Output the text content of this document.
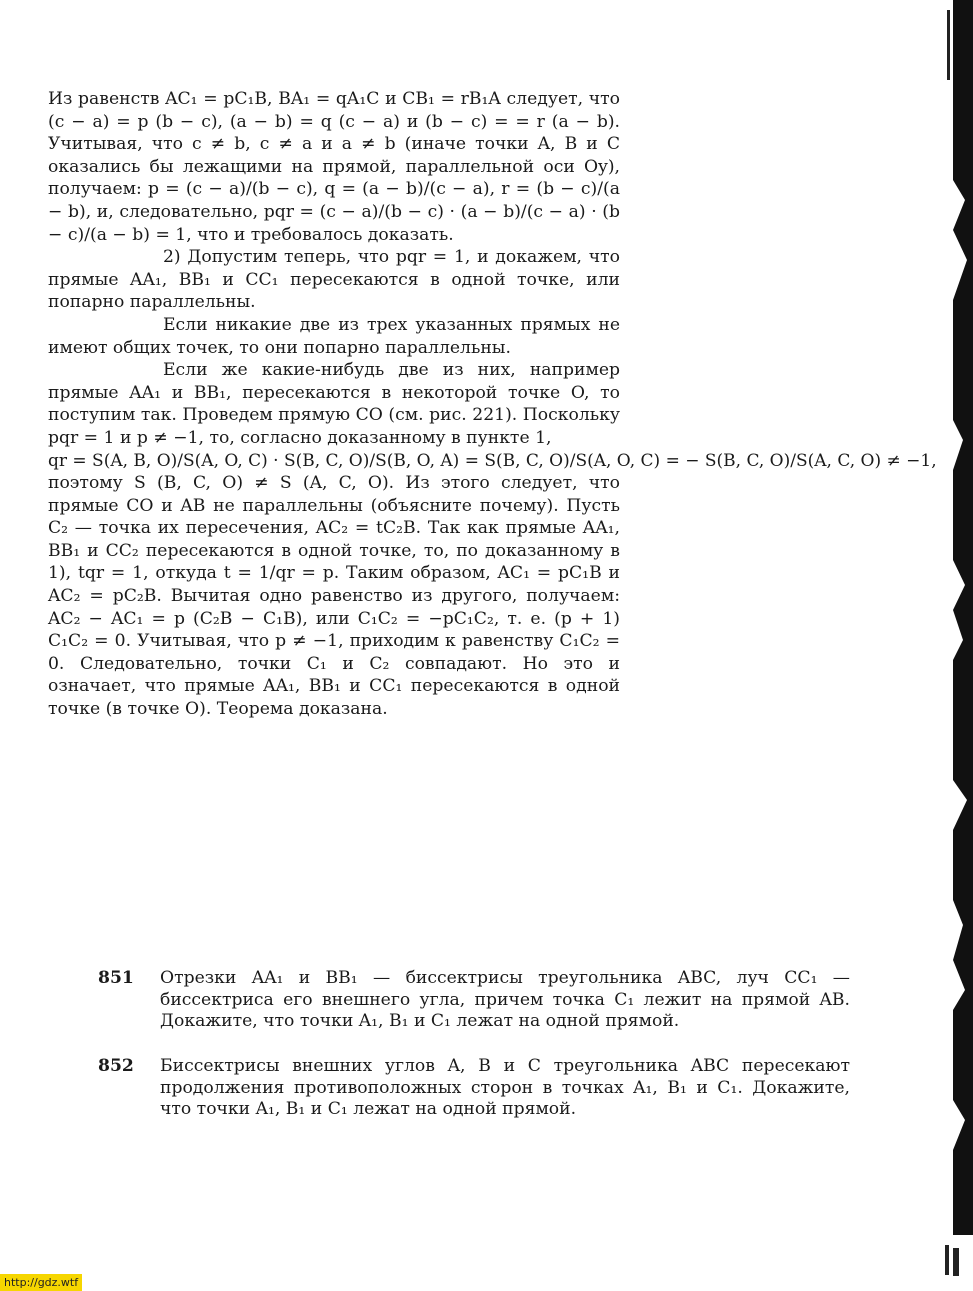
Из равенств AC₁ = pC₁B, BA₁ = qA₁C и CB₁ = rB₁A следует, что (c − a) = p (b − c), (a − b) = q (c − a) и (b − c) = = r (a − b). Учитывая, что c ≠ b, c ≠ a и a ≠ b (иначе точки A, B и C оказались бы лежащими на прямой, параллельной оси Oy), получаем: p = (c − a)/(b − c), q = (a − b)/(c − a), r = (b − c)/(a − b), и, следовательно, pqr = (c − a)/(b − c) · (a − b)/(c − a) · (b − c)/(a − b) = 1, что и требовалось доказать.

2) Допустим теперь, что pqr = 1, и докажем, что прямые AA₁, BB₁ и CC₁ пересекаются в одной точке, или попарно параллельны.

Если никакие две из трех указанных прямых не имеют общих точек, то они попарно параллельны.

Если же какие-нибудь две из них, например прямые AA₁ и BB₁, пересекаются в некоторой точке O, то поступим так. Проведем прямую CO (см. рис. 221). Поскольку pqr = 1 и p ≠ −1, то, согласно доказанному в пункте 1,

qr = S(A, B, O)/S(A, O, C) · S(B, C, O)/S(B, O, A) = S(B, C, O)/S(A, O, C) = − S(B, C, O)/S(A, C, O) ≠ −1,

поэтому S (B, C, O) ≠ S (A, C, O). Из этого следует, что прямые CO и AB не параллельны (объясните почему). Пусть C₂ — точка их пересечения, AC₂ = tC₂B. Так как прямые AA₁, BB₁ и CC₂ пересекаются в одной точке, то, по доказанному в 1), tqr = 1, откуда t = 1/qr = p. Таким образом, AC₁ = pC₁B и AC₂ = pC₂B. Вычитая одно равенство из другого, получаем: AC₂ − AC₁ = p (C₂B − C₁B), или C₁C₂ = −pC₁C₂, т. е. (p + 1) C₁C₂ = 0. Учитывая, что p ≠ −1, приходим к равенству C₁C₂ = 0. Следовательно, точки C₁ и C₂ совпадают. Но это и означает, что прямые AA₁, BB₁ и CC₁ пересекаются в одной точке (в точке O). Теорема доказана.

851 Отрезки AA₁ и BB₁ — биссектрисы треугольника ABC, луч CC₁ — биссектриса его внешнего угла, причем точка C₁ лежит на прямой AB. Докажите, что точки A₁, B₁ и C₁ лежат на одной прямой.
852 Биссектрисы внешних углов A, B и C треугольника ABC пересекают продолжения противоположных сторон в точках A₁, B₁ и C₁. Докажите, что точки A₁, B₁ и C₁ лежат на одной прямой.
http://gdz.wtf
